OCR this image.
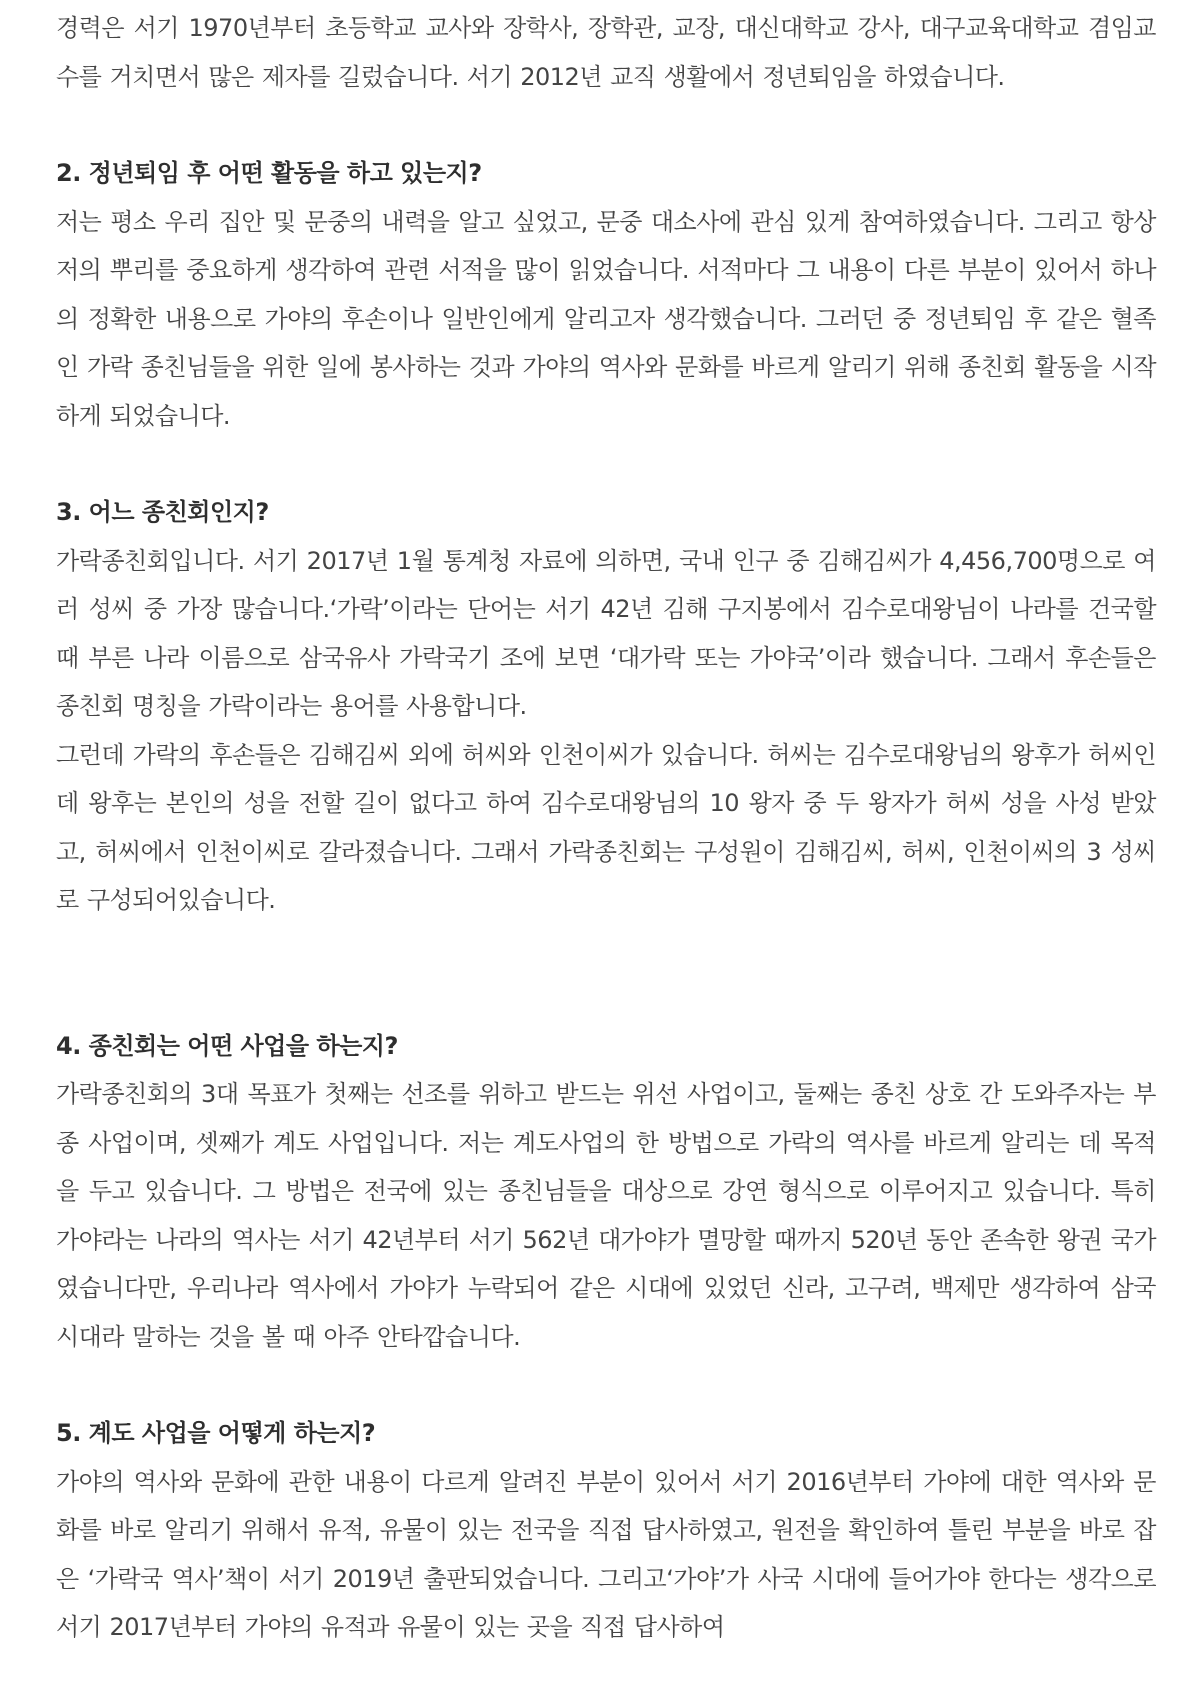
경력은 서기 1970년부터 초등학교 교사와 장학사, 장학관, 교장, 대신대학교 강사, 대구교육대학교 겸임교수를 거치면서 많은 제자를 길렀습니다. 서기 2012년 교직 생활에서 정년퇴임을 하였습니다.

2. 정년퇴임 후 어떤 활동을 하고 있는지?

저는 평소 우리 집안 및 문중의 내력을 알고 싶었고, 문중 대소사에 관심 있게 참여하였습니다. 그리고 항상 저의 뿌리를 중요하게 생각하여 관련 서적을 많이 읽었습니다. 서적마다 그 내용이 다른 부분이 있어서 하나의 정확한 내용으로 가야의 후손이나 일반인에게 알리고자 생각했습니다. 그러던 중 정년퇴임 후 같은 혈족인 가락 종친님들을 위한 일에 봉사하는 것과 가야의 역사와 문화를 바르게 알리기 위해 종친회 활동을 시작하게 되었습니다.

3. 어느 종친회인지?

가락종친회입니다. 서기 2017년 1월 통계청 자료에 의하면, 국내 인구 중 김해김씨가 4,456,700명으로 여러 성씨 중 가장 많습니다.‘가락’이라는 단어는 서기 42년 김해 구지봉에서 김수로대왕님이 나라를 건국할 때 부른 나라 이름으로 삼국유사 가락국기 조에 보면 ‘대가락 또는 가야국’이라 했습니다. 그래서 후손들은 종친회 명칭을 가락이라는 용어를 사용합니다.

그런데 가락의 후손들은 김해김씨 외에 허씨와 인천이씨가 있습니다. 허씨는 김수로대왕님의 왕후가 허씨인데 왕후는 본인의 성을 전할 길이 없다고 하여 김수로대왕님의 10 왕자 중 두 왕자가 허씨 성을 사성 받았고, 허씨에서 인천이씨로 갈라졌습니다. 그래서 가락종친회는 구성원이 김해김씨, 허씨, 인천이씨의 3 성씨로 구성되어있습니다.

4. 종친회는 어떤 사업을 하는지?

가락종친회의 3대 목표가 첫째는 선조를 위하고 받드는 위선 사업이고, 둘째는 종친 상호 간 도와주자는 부종 사업이며, 셋째가 계도 사업입니다. 저는 계도사업의 한 방법으로 가락의 역사를 바르게 알리는 데 목적을 두고 있습니다. 그 방법은 전국에 있는 종친님들을 대상으로 강연 형식으로 이루어지고 있습니다. 특히 가야라는 나라의 역사는 서기 42년부터 서기 562년 대가야가 멸망할 때까지 520년 동안 존속한 왕권 국가였습니다만, 우리나라 역사에서 가야가 누락되어 같은 시대에 있었던 신라, 고구려, 백제만 생각하여 삼국 시대라 말하는 것을 볼 때 아주 안타깝습니다.

5. 계도 사업을 어떻게 하는지?

가야의 역사와 문화에 관한 내용이 다르게 알려진 부분이 있어서 서기 2016년부터 가야에 대한 역사와 문화를 바로 알리기 위해서 유적, 유물이 있는 전국을 직접 답사하였고, 원전을 확인하여 틀린 부분을 바로 잡은 ‘가락국 역사’책이 서기 2019년 출판되었습니다. 그리고‘가야’가 사국 시대에 들어가야 한다는 생각으로 서기 2017년부터 가야의 유적과 유물이 있는 곳을 직접 답사하여
